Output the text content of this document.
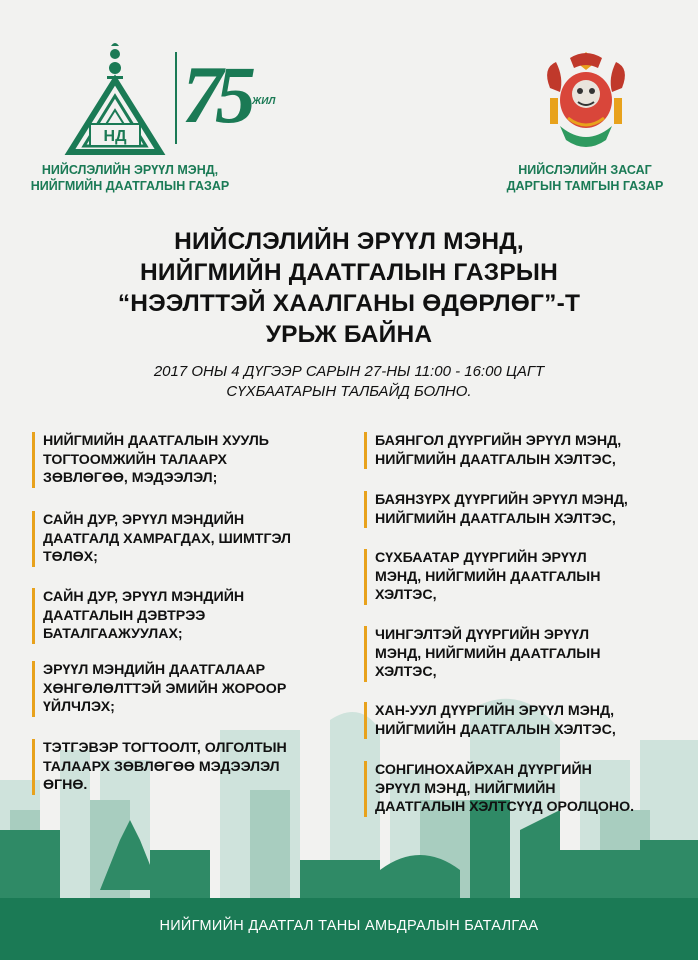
НД 75 ЖИЛ
НИЙСЛЭЛИЙН ЭРҮҮЛ МЭНД,
НИЙГМИЙН ДААТГАЛЫН ГАЗАР
НИЙСЛЭЛИЙН ЗАСАГ
ДАРГЫН ТАМГЫН ГАЗАР
НИЙСЛЭЛИЙН ЭРҮҮЛ МЭНД,
НИЙГМИЙН ДААТГАЛЫН ГАЗРЫН
“НЭЭЛТТЭЙ ХААЛГАНЫ ӨДӨРЛӨГ”-Т
УРЬЖ БАЙНА
2017 ОНЫ 4 ДҮГЭЭР САРЫН 27-НЫ 11:00 - 16:00 ЦАГТ
СҮХБААТАРЫН ТАЛБАЙД БОЛНО.
НИЙГМИЙН ДААТГАЛЫН ХУУЛЬ
ТОГТООМЖИЙН ТАЛААРХ
ЗӨВЛӨГӨӨ, МЭДЭЭЛЭЛ;
САЙН ДУР, ЭРҮҮЛ МЭНДИЙН
ДААТГАЛД ХАМРАГДАХ, ШИМТГЭЛ
ТӨЛӨХ;
САЙН ДУР, ЭРҮҮЛ МЭНДИЙН
ДААТГАЛЫН ДЭВТРЭЭ
БАТАЛГААЖУУЛАХ;
ЭРҮҮЛ МЭНДИЙН ДААТГАЛААР
ХӨНГӨЛӨЛТТЭЙ ЭМИЙН ЖОРООР
ҮЙЛЧЛЭХ;
ТЭТГЭВЭР ТОГТООЛТ, ОЛГОЛТЫН
ТАЛААРХ ЗӨВЛӨГӨӨ МЭДЭЭЛЭЛ
ӨГНӨ.
БАЯНГОЛ ДҮҮРГИЙН ЭРҮҮЛ МЭНД,
НИЙГМИЙН ДААТГАЛЫН ХЭЛТЭС,
БАЯНЗҮРХ ДҮҮРГИЙН ЭРҮҮЛ МЭНД,
НИЙГМИЙН ДААТГАЛЫН ХЭЛТЭС,
СҮХБААТАР ДҮҮРГИЙН ЭРҮҮЛ
МЭНД, НИЙГМИЙН ДААТГАЛЫН
ХЭЛТЭС,
ЧИНГЭЛТЭЙ ДҮҮРГИЙН ЭРҮҮЛ
МЭНД, НИЙГМИЙН ДААТГАЛЫН
ХЭЛТЭС,
ХАН-УУЛ ДҮҮРГИЙН ЭРҮҮЛ МЭНД,
НИЙГМИЙН ДААТГАЛЫН ХЭЛТЭС,
СОНГИНОХАЙРХАН ДҮҮРГИЙН
ЭРҮҮЛ МЭНД, НИЙГМИЙН
ДААТГАЛЫН ХЭЛТСҮҮД ОРОЛЦОНО.
НИЙГМИЙН ДААТГАЛ ТАНЫ АМЬДРАЛЫН БАТАЛГАА
